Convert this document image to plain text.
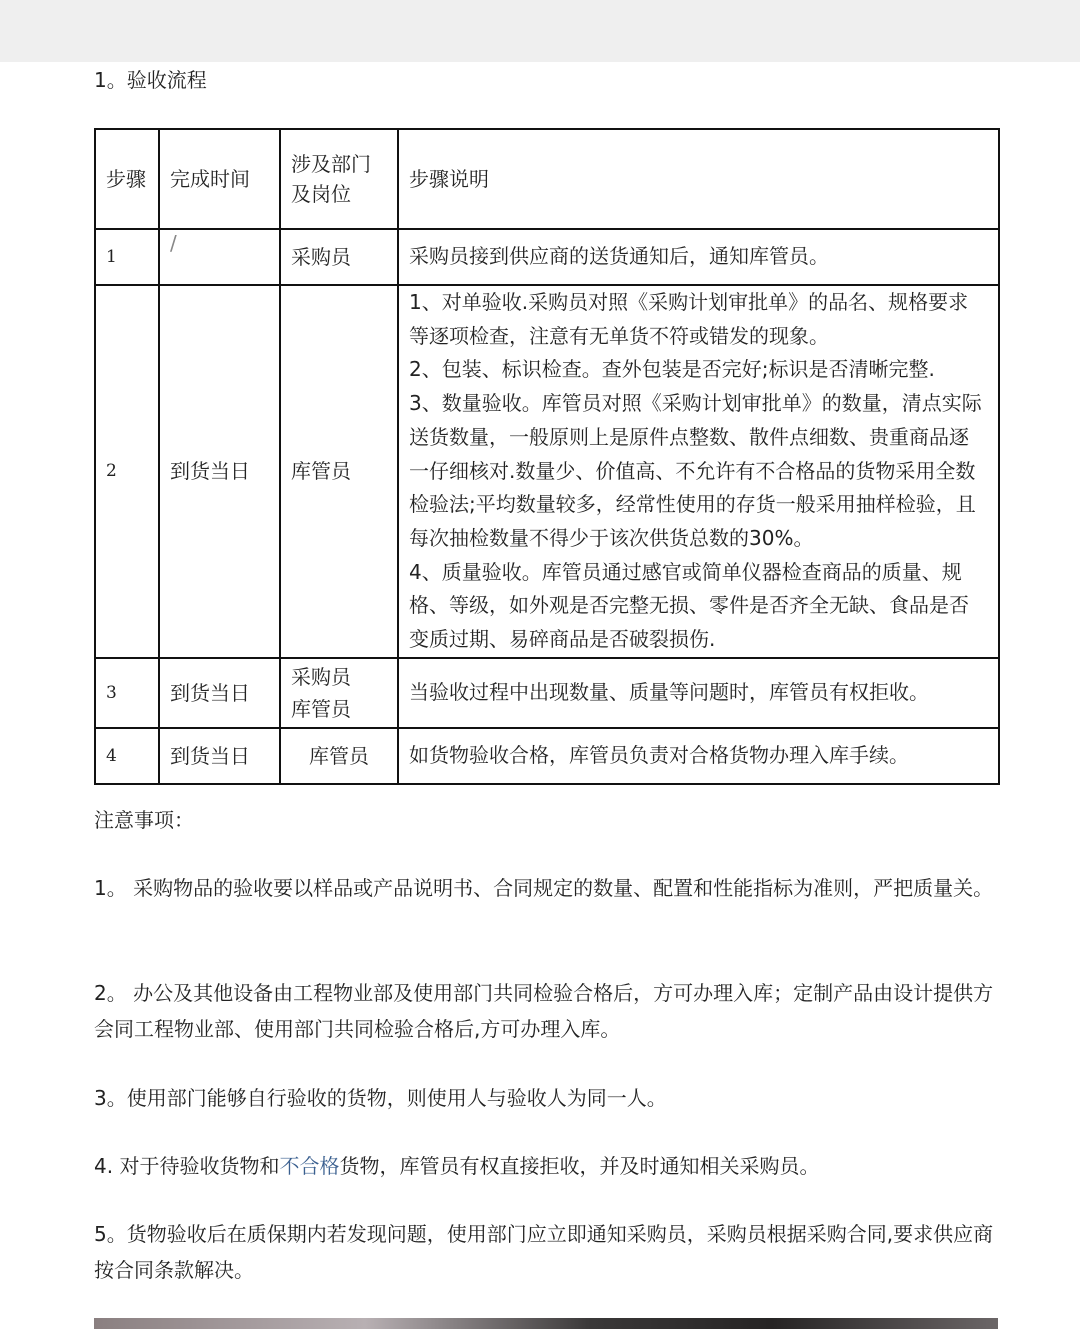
1。验收流程
步骤	完成时间	涉及部门及岗位	步骤说明
1	/	采购员	采购员接到供应商的送货通知后，通知库管员。

2	到货当日	库管员	1、对单验收.采购员对照《采购计划审批单》的品名、规格要求等逐项检查，注意有无单货不符或错发的现象。

2、包装、标识检查。查外包装是否完好;标识是否清晰完整.

3、数量验收。库管员对照《采购计划审批单》的数量，清点实际送货数量，一般原则上是原件点整数、散件点细数、贵重商品逐一仔细核对.数量少、价值高、不允许有不合格品的货物采用全数检验法;平均数量较多，经常性使用的存货一般采用抽样检验，且每次抽检数量不得少于该次供货总数的30%。

4、质量验收。库管员通过感官或简单仪器检查商品的质量、规格、等级，如外观是否完整无损、零件是否齐全无缺、食品是否变质过期、易碎商品是否破裂损伤.

3	到货当日	采购员库管员	当验收过程中出现数量、质量等问题时，库管员有权拒收。

4	到货当日	库管员	如货物验收合格，库管员负责对合格货物办理入库手续。

注意事项：
1。 采购物品的验收要以样品或产品说明书、合同规定的数量、配置和性能指标为准则，严把质量关。
2。 办公及其他设备由工程物业部及使用部门共同检验合格后，方可办理入库；定制产品由设计提供方会同工程物业部、使用部门共同检验合格后,方可办理入库。
3。使用部门能够自行验收的货物，则使用人与验收人为同一人。
4. 对于待验收货物和不合格货物，库管员有权直接拒收，并及时通知相关采购员。
5。货物验收后在质保期内若发现问题，使用部门应立即通知采购员，采购员根据采购合同,要求供应商按合同条款解决。
